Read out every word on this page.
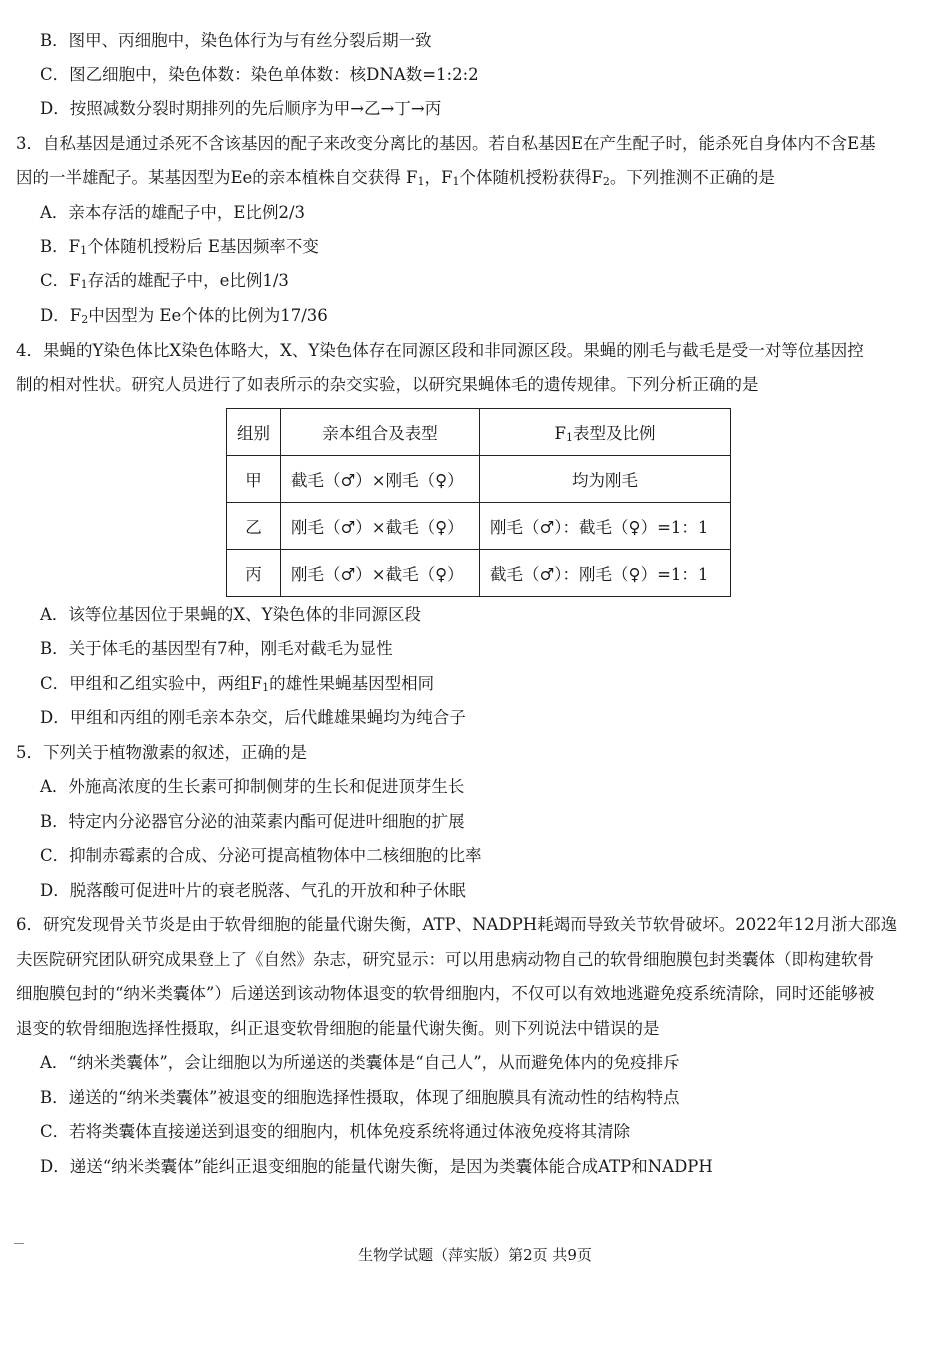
B．图甲、丙细胞中，染色体行为与有丝分裂后期一致
C．图乙细胞中，染色体数：染色单体数：核DNA数=1:2:2
D．按照减数分裂时期排列的先后顺序为甲→乙→丁→丙
3．自私基因是通过杀死不含该基因的配子来改变分离比的基因。若自私基因E在产生配子时，能杀死自身体内不含E基
因的一半雄配子。某基因型为Ee的亲本植株自交获得 $F_1$，$F_1$个体随机授粉获得$F_2$。下列推测不正确的是
A．亲本存活的雄配子中，E比例2/3
B．$F_1$个体随机授粉后 E基因频率不变
C．$F_1$存活的雄配子中，e比例1/3
D．$F_2$中因型为 Ee个体的比例为17/36
4．果蝇的Y染色体比X染色体略大，X、Y染色体存在同源区段和非同源区段。果蝇的刚毛与截毛是受一对等位基因控
制的相对性状。研究人员进行了如表所示的杂交实验，以研究果蝇体毛的遗传规律。下列分析正确的是
组别	亲本组合及表型	$F_1$表型及比例
甲	截毛（♂）×刚毛（♀）	均为刚毛
乙	刚毛（♂）×截毛（♀）	刚毛（♂）：截毛（♀）=1：1
丙	刚毛（♂）×截毛（♀）	截毛（♂）：刚毛（♀）=1：1
A．该等位基因位于果蝇的X、Y染色体的非同源区段
B．关于体毛的基因型有7种，刚毛对截毛为显性
C．甲组和乙组实验中，两组$F_1$的雄性果蝇基因型相同
D．甲组和丙组的刚毛亲本杂交，后代雌雄果蝇均为纯合子
5．下列关于植物激素的叙述，正确的是
A．外施高浓度的生长素可抑制侧芽的生长和促进顶芽生长
B．特定内分泌器官分泌的油菜素内酯可促进叶细胞的扩展
C．抑制赤霉素的合成、分泌可提高植物体中二核细胞的比率
D．脱落酸可促进叶片的衰老脱落、气孔的开放和种子休眠
6．研究发现骨关节炎是由于软骨细胞的能量代谢失衡，ATP、NADPH耗竭而导致关节软骨破坏。2022年12月浙大邵逸
夫医院研究团队研究成果登上了《自然》杂志，研究显示：可以用患病动物自己的软骨细胞膜包封类囊体（即构建软骨
细胞膜包封的“纳米类囊体”）后递送到该动物体退变的软骨细胞内，不仅可以有效地逃避免疫系统清除，同时还能够被
退变的软骨细胞选择性摄取，纠正退变软骨细胞的能量代谢失衡。则下列说法中错误的是
A．“纳米类囊体”，会让细胞以为所递送的类囊体是“自己人”，从而避免体内的免疫排斥
B．递送的“纳米类囊体”被退变的细胞选择性摄取，体现了细胞膜具有流动性的结构特点
C．若将类囊体直接递送到退变的细胞内，机体免疫系统将通过体液免疫将其清除
D．递送“纳米类囊体”能纠正退变细胞的能量代谢失衡，是因为类囊体能合成ATP和NADPH
生物学试题（萍实版）第2页 共9页
